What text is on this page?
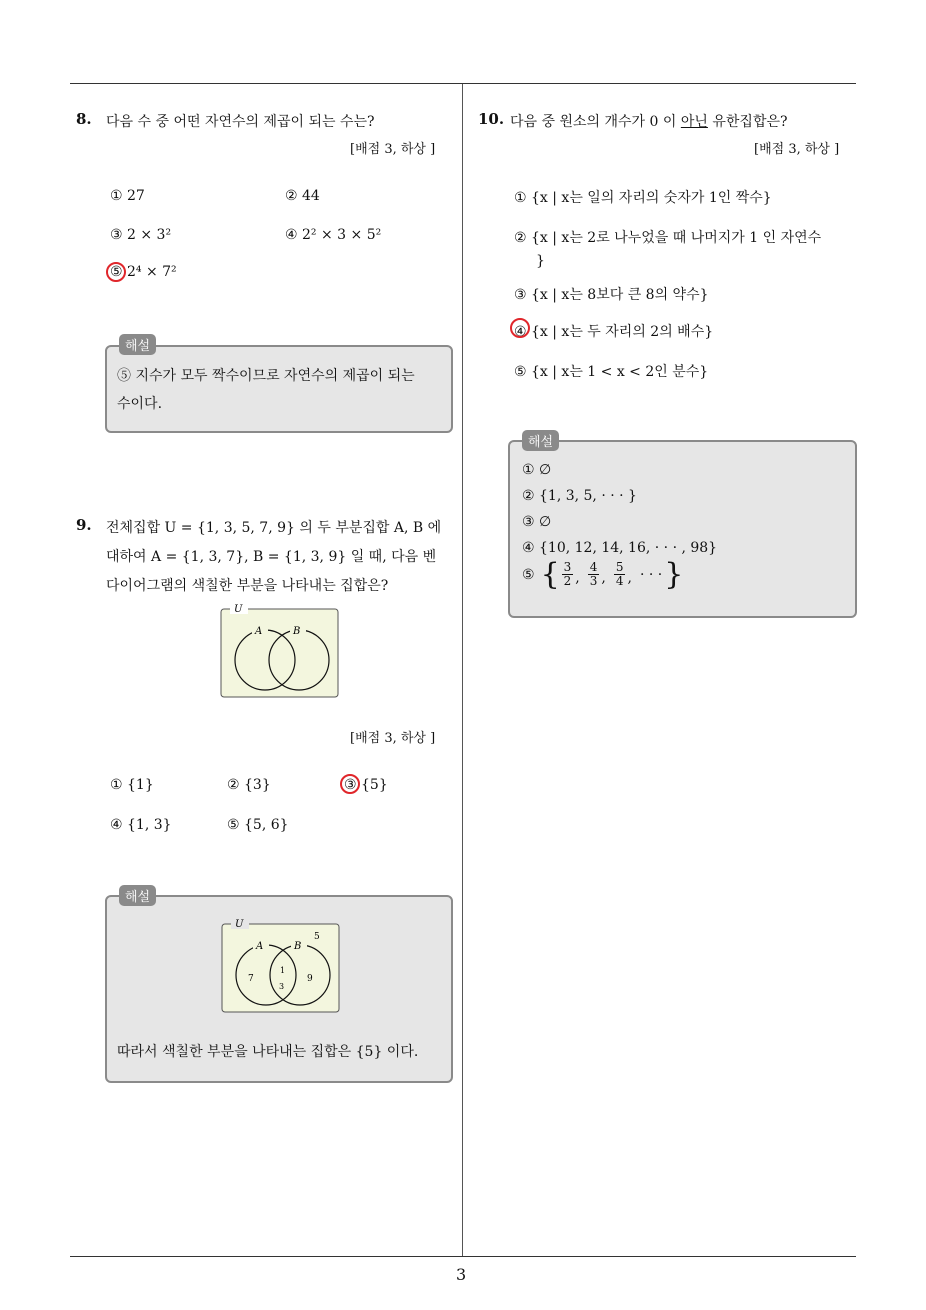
3
8. 다음 수 중 어떤 자연수의 제곱이 되는 수는?
[배점 3, 하상 ]
① 27	② 44
③ 2 × 3²	④ 2² × 3 × 5²
⑤ 2⁴ × 7²
⑤ 지수가 모두 짝수이므로 자연수의 제곱이 되는
수이다.
해설
9. 전체집합 U = {1, 3, 5, 7, 9} 의 두 부분집합 A, B 에
대하여 A = {1, 3, 7}, B = {1, 3, 9} 일 때, 다음 벤
다이어그램의 색칠한 부분을 나타내는 집합은?
U
A	B
[배점 3, 하상 ]
① {1}	② {3}	③ {5}
④ {1, 3}	⑤ {5, 6}
U
A	B
5
7
1
3
9
따라서 색칠한 부분을 나타내는 집합은 {5} 이다.
해설
10. 다음 중 원소의 개수가 0 이 아닌 유한집합은?
[배점 3, 하상 ]
① {x | x는 일의 자리의 숫자가 1인 짝수}
② {x | x는 2로 나누었을 때 나머지가 1 인 자연수
}
③ {x | x는 8보다 큰 8의 약수}
④ {x | x는 두 자리의 2의 배수}
⑤ {x | x는 1 < x < 2인 분수}
① ∅
② {1, 3, 5, · · · }
③ ∅
④ {10, 12, 14, 16, · · · , 98}
⑤ { $\frac{3}{2}$ , $\frac{4}{3}$ , $\frac{5}{4}$ , · · · }
해설
